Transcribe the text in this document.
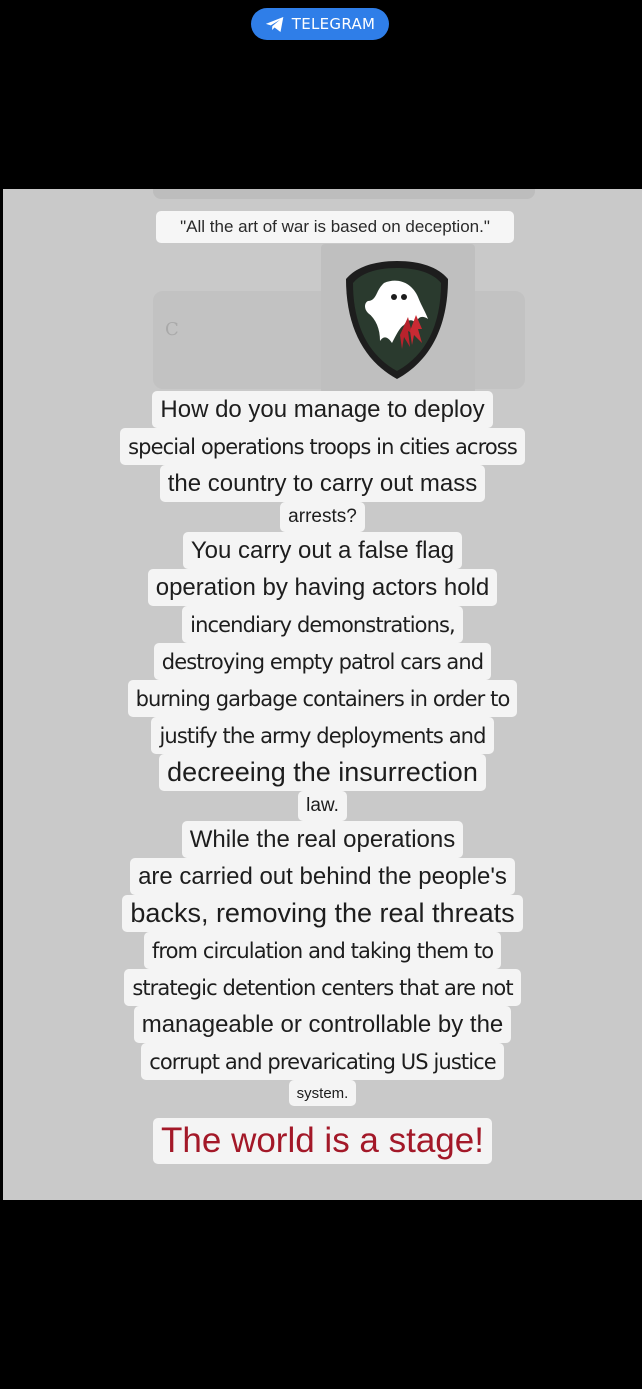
TELEGRAM
C

"All the art of war is based on deception."
How do you manage to deploy
special operations troops in cities across
the country to carry out mass
arrests?
You carry out a false flag
operation by having actors hold
incendiary demonstrations,
destroying empty patrol cars and
burning garbage containers in order to
justify the army deployments and
decreeing the insurrection
law.
While the real operations
are carried out behind the people's
backs, removing the real threats
from circulation and taking them to
strategic detention centers that are not
manageable or controllable by the
corrupt and prevaricating US justice
system.
The world is a stage!
